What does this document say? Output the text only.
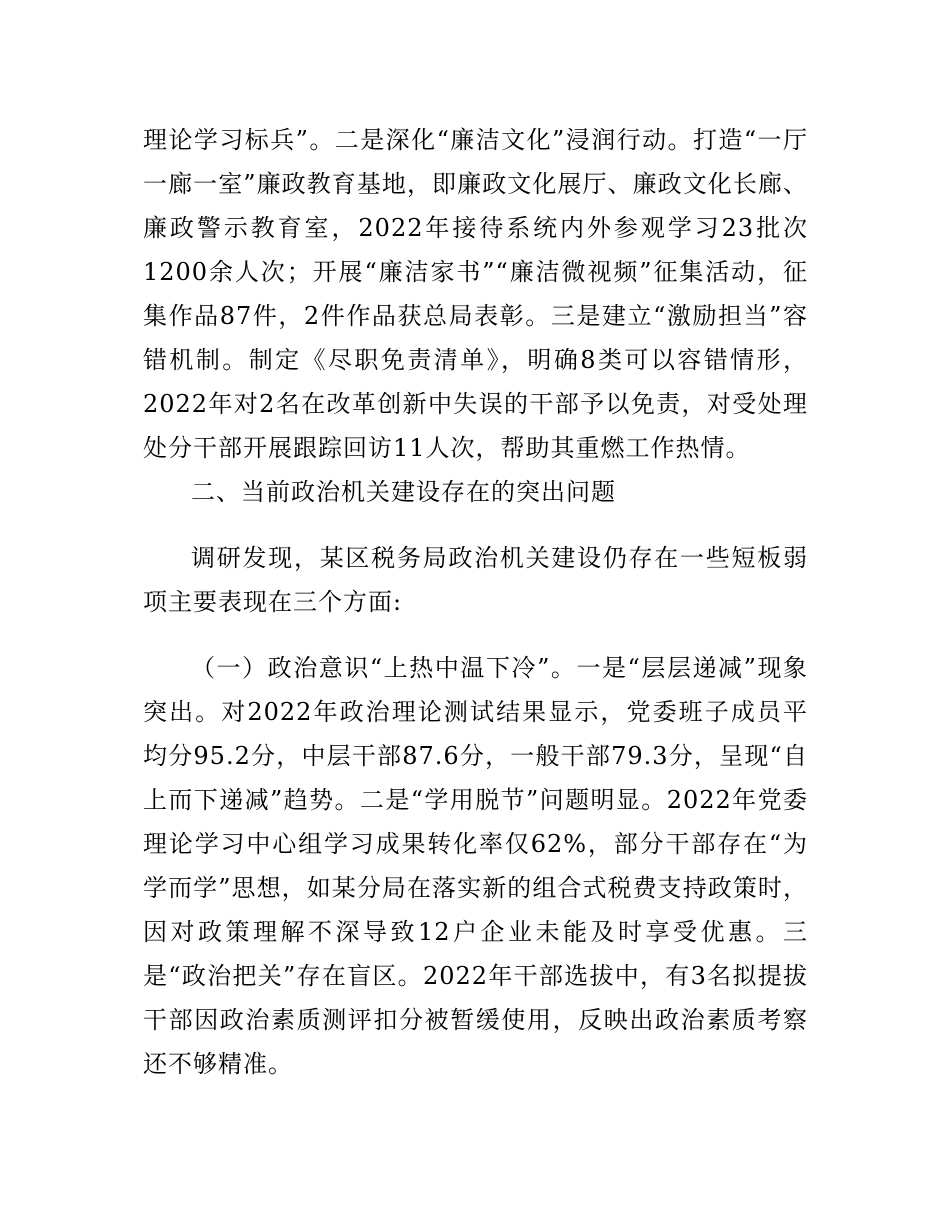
理论学习标兵”。二是深化“廉洁文化”浸润行动。打造“一厅一廊一室”廉政教育基地，即廉政文化展厅、廉政文化长廊、廉政警示教育室，2022年接待系统内外参观学习23批次1200余人次；开展“廉洁家书”“廉洁微视频”征集活动，征集作品87件，2件作品获总局表彰。三是建立“激励担当”容错机制。制定《尽职免责清单》，明确8类可以容错情形，2022年对2名在改革创新中失误的干部予以免责，对受处理处分干部开展跟踪回访11人次，帮助其重燃工作热情。

二、当前政治机关建设存在的突出问题

调研发现，某区税务局政治机关建设仍存在一些短板弱项主要表现在三个方面:

（一）政治意识“上热中温下冷”。一是“层层递减”现象突出。对2022年政治理论测试结果显示，党委班子成员平均分95.2分，中层干部87.6分，一般干部79.3分，呈现“自上而下递减”趋势。二是“学用脱节”问题明显。2022年党委理论学习中心组学习成果转化率仅62%，部分干部存在“为学而学”思想，如某分局在落实新的组合式税费支持政策时，因对政策理解不深导致12户企业未能及时享受优惠。三是“政治把关”存在盲区。2022年干部选拔中，有3名拟提拔干部因政治素质测评扣分被暂缓使用，反映出政治素质考察还不够精准。
